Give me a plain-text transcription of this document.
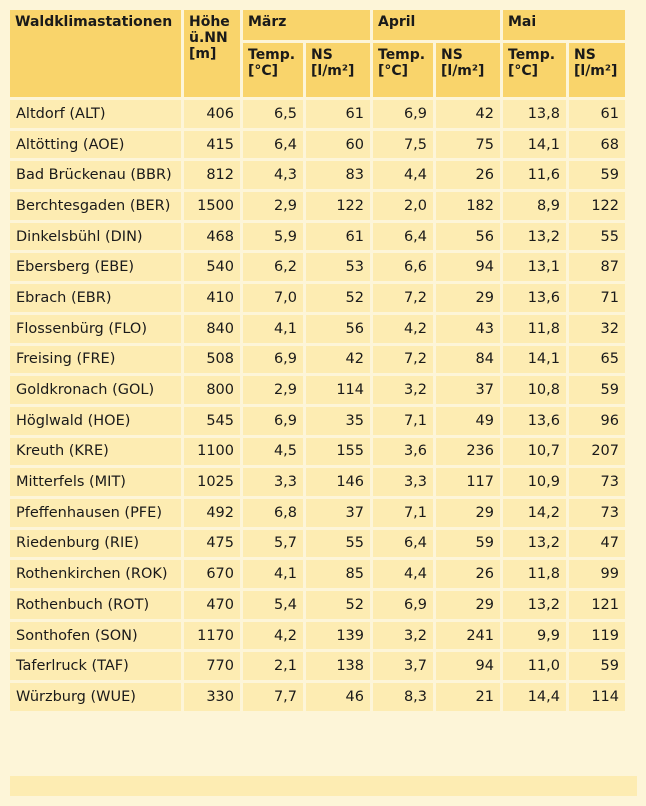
Waldklimastationen	Höhe ü.NN [m]	März		April		Mai	
		Temp. [°C]	NS [l/m²]	Temp. [°C]	NS [l/m²]	Temp. [°C]	NS [l/m²]
Altdorf (ALT)	406	6,5	61	6,9	42	13,8	61
Altötting (AOE)	415	6,4	60	7,5	75	14,1	68
Bad Brückenau (BBR)	812	4,3	83	4,4	26	11,6	59
Berchtesgaden (BER)	1500	2,9	122	2,0	182	8,9	122
Dinkelsbühl (DIN)	468	5,9	61	6,4	56	13,2	55
Ebersberg (EBE)	540	6,2	53	6,6	94	13,1	87
Ebrach (EBR)	410	7,0	52	7,2	29	13,6	71
Flossenbürg (FLO)	840	4,1	56	4,2	43	11,8	32
Freising (FRE)	508	6,9	42	7,2	84	14,1	65
Goldkronach (GOL)	800	2,9	114	3,2	37	10,8	59
Höglwald (HOE)	545	6,9	35	7,1	49	13,6	96
Kreuth (KRE)	1100	4,5	155	3,6	236	10,7	207
Mitterfels (MIT)	1025	3,3	146	3,3	117	10,9	73
Pfeffenhausen (PFE)	492	6,8	37	7,1	29	14,2	73
Riedenburg (RIE)	475	5,7	55	6,4	59	13,2	47
Rothenkirchen (ROK)	670	4,1	85	4,4	26	11,8	99
Rothenbuch (ROT)	470	5,4	52	6,9	29	13,2	121
Sonthofen (SON)	1170	4,2	139	3,2	241	9,9	119
Taferlruck (TAF)	770	2,1	138	3,7	94	11,0	59
Würzburg (WUE)	330	7,7	46	8,3	21	14,4	114
